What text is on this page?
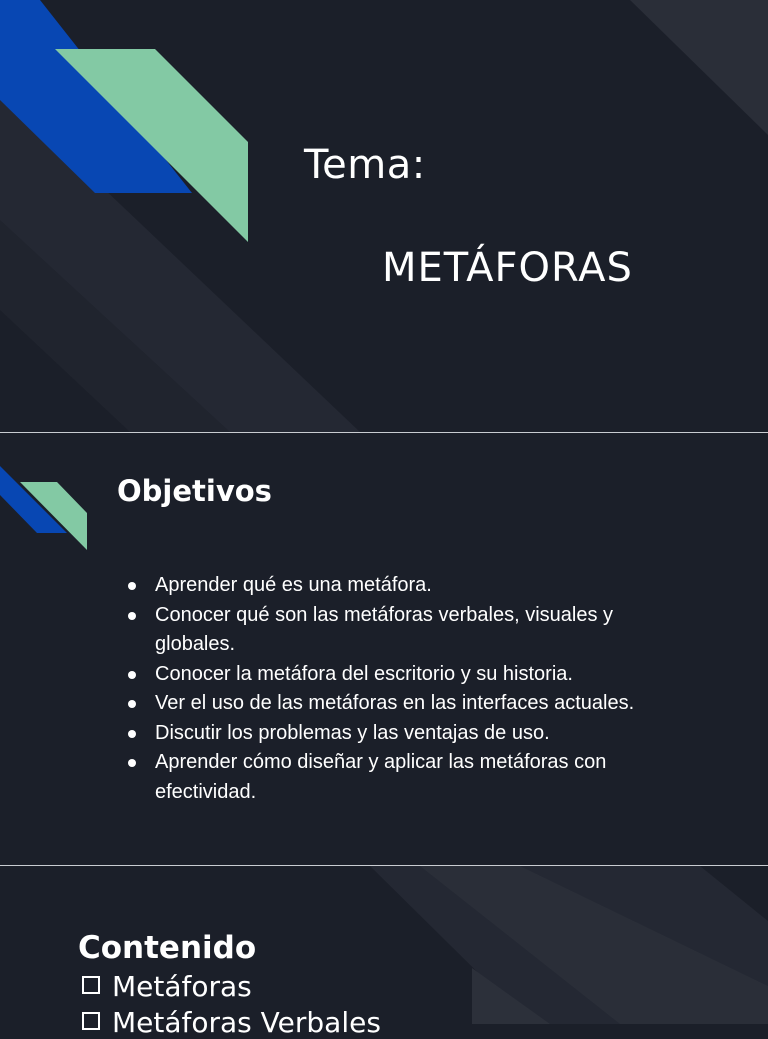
Tema:
METÁFORAS
Objetivos
Aprender qué es una metáfora.
Conocer qué son las metáforas verbales, visuales y globales.
Conocer la metáfora del escritorio y su historia.
Ver el uso de las metáforas en las interfaces actuales.
Discutir los problemas y las ventajas de uso.
Aprender cómo diseñar y aplicar las metáforas con efectividad.
Contenido
Metáforas
Metáforas Verbales
